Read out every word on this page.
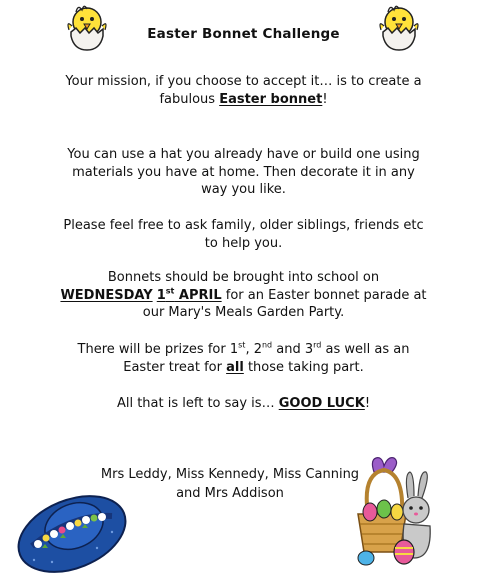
Easter Bonnet Challenge
Your mission, if you choose to accept it… is to create a fabulous Easter bonnet!
You can use a hat you already have or build one using materials you have at home. Then decorate it in any way you like.
Please feel free to ask family, older siblings, friends etc to help you.
Bonnets should be brought into school on WEDNESDAY 1st APRIL for an Easter bonnet parade at our Mary's Meals Garden Party.
There will be prizes for 1st, 2nd and 3rd as well as an Easter treat for all those taking part.
All that is left to say is… GOOD LUCK!
Mrs Leddy, Miss Kennedy, Miss Canning
and Mrs Addison
